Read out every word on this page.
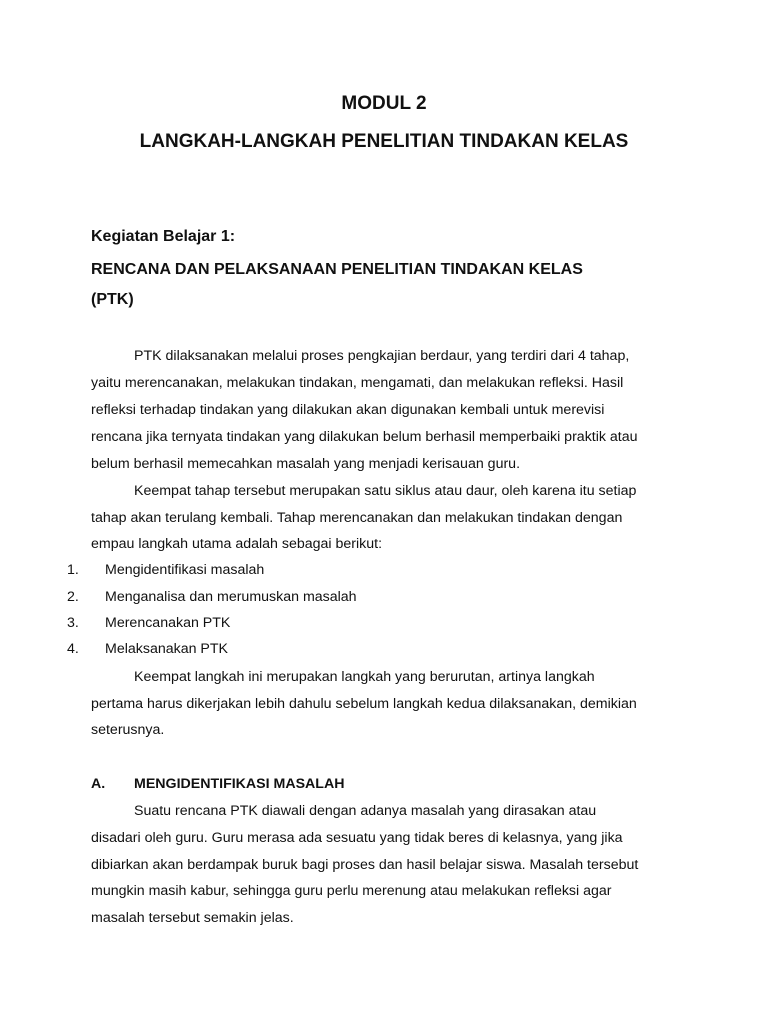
MODUL 2
LANGKAH-LANGKAH PENELITIAN TINDAKAN KELAS
Kegiatan Belajar 1:
RENCANA DAN PELAKSANAAN PENELITIAN TINDAKAN KELAS
(PTK)
PTK dilaksanakan melalui proses pengkajian berdaur, yang terdiri dari 4 tahap,
yaitu merencanakan, melakukan tindakan, mengamati, dan melakukan refleksi. Hasil
refleksi terhadap tindakan yang dilakukan akan digunakan kembali untuk merevisi
rencana jika ternyata tindakan yang dilakukan belum berhasil memperbaiki praktik atau
belum berhasil memecahkan masalah yang menjadi kerisauan guru.
Keempat tahap tersebut merupakan satu siklus atau daur, oleh karena itu setiap
tahap akan terulang kembali. Tahap merencanakan dan melakukan tindakan dengan
empau langkah utama adalah sebagai berikut:
1. Mengidentifikasi masalah
2. Menganalisa dan merumuskan masalah
3. Merencanakan PTK
4. Melaksanakan PTK
Keempat langkah ini merupakan langkah yang berurutan, artinya langkah
pertama harus dikerjakan lebih dahulu sebelum langkah kedua dilaksanakan, demikian
seterusnya.
A. MENGIDENTIFIKASI MASALAH
Suatu rencana PTK diawali dengan adanya masalah yang dirasakan atau
disadari oleh guru. Guru merasa ada sesuatu yang tidak beres di kelasnya, yang jika
dibiarkan akan berdampak buruk bagi proses dan hasil belajar siswa. Masalah tersebut
mungkin masih kabur, sehingga guru perlu merenung atau melakukan refleksi agar
masalah tersebut semakin jelas.
